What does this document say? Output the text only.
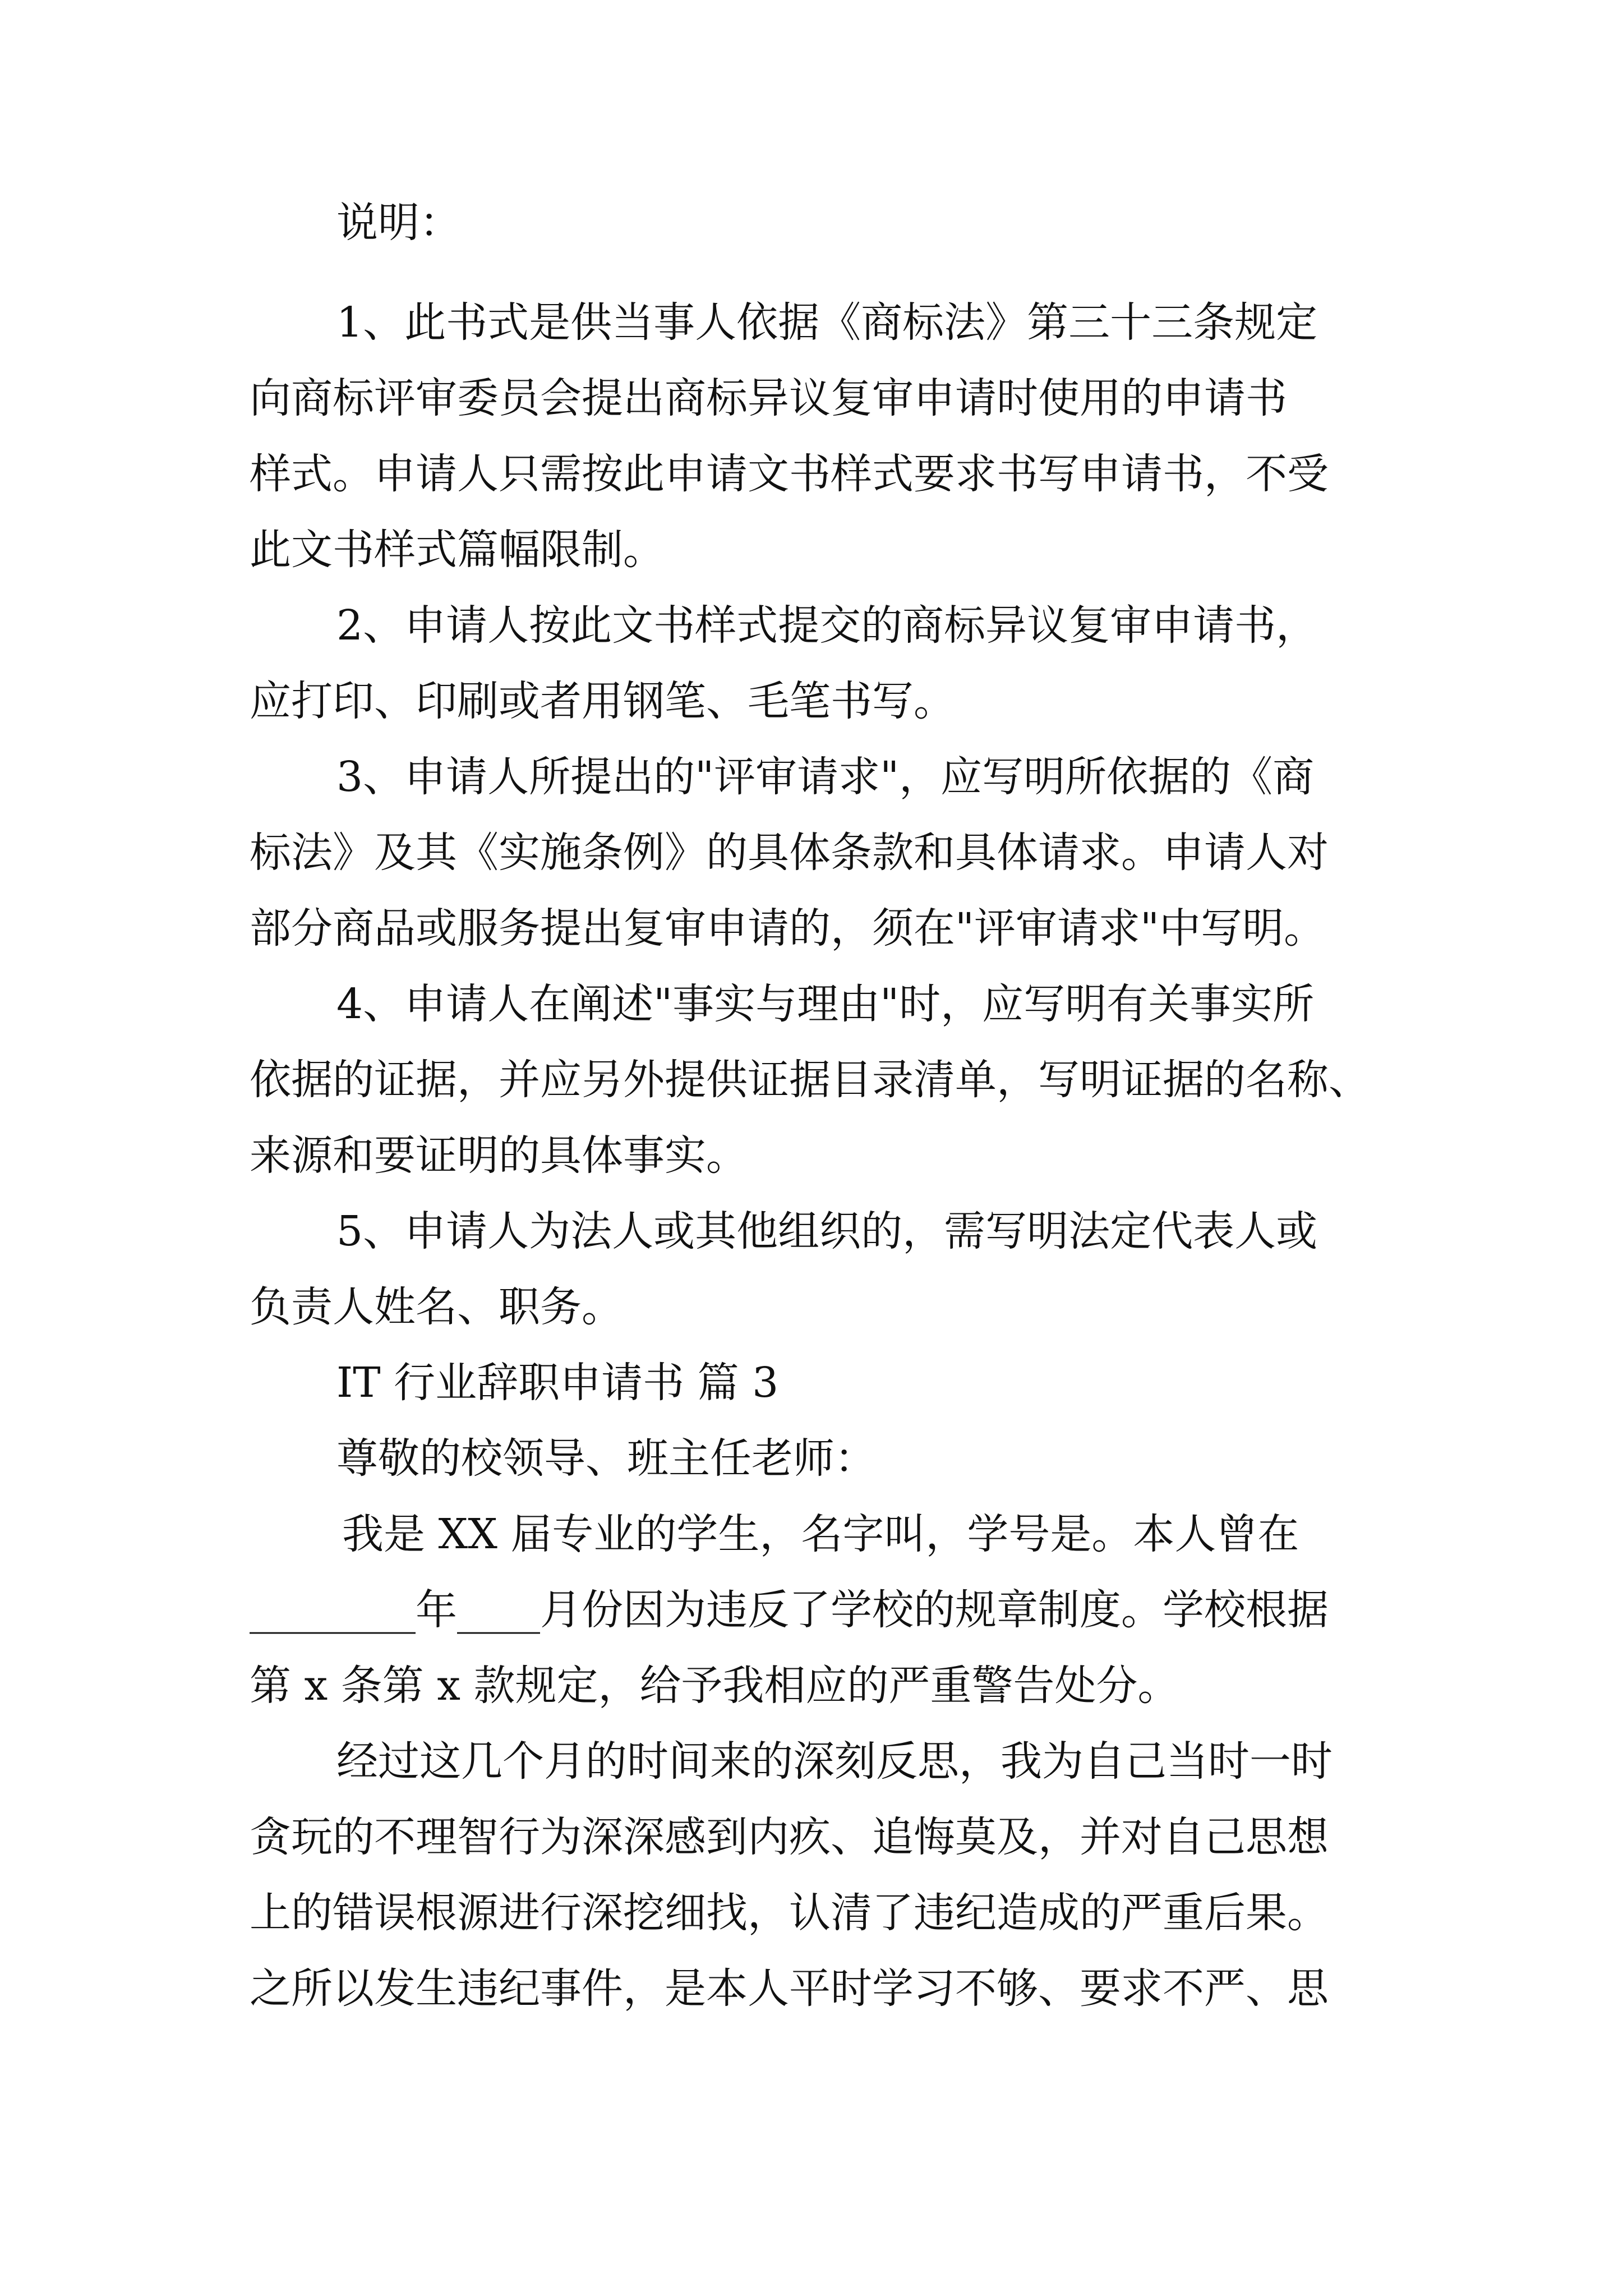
说明：
1、此书式是供当事人依据《商标法》第三十三条规定
向商标评审委员会提出商标异议复审申请时使用的申请书
样式。申请人只需按此申请文书样式要求书写申请书，不受
此文书样式篇幅限制。
2、申请人按此文书样式提交的商标异议复审申请书，
应打印、印刷或者用钢笔、毛笔书写。
3、申请人所提出的"评审请求"，应写明所依据的《商
标法》及其《实施条例》的具体条款和具体请求。申请人对
部分商品或服务提出复审申请的，须在"评审请求"中写明。
4、申请人在阐述"事实与理由"时，应写明有关事实所
依据的证据，并应另外提供证据目录清单，写明证据的名称、
来源和要证明的具体事实。
5、申请人为法人或其他组织的，需写明法定代表人或
负责人姓名、职务。
IT 行业辞职申请书 篇 3
尊敬的校领导、班主任老师：
我是 XX 届专业的学生，名字叫，学号是。本人曾在
________年____月份因为违反了学校的规章制度。学校根据
第 x 条第 x 款规定，给予我相应的严重警告处分。
经过这几个月的时间来的深刻反思，我为自己当时一时
贪玩的不理智行为深深感到内疚、追悔莫及，并对自己思想
上的错误根源进行深挖细找，认清了违纪造成的严重后果。
之所以发生违纪事件，是本人平时学习不够、要求不严、思
